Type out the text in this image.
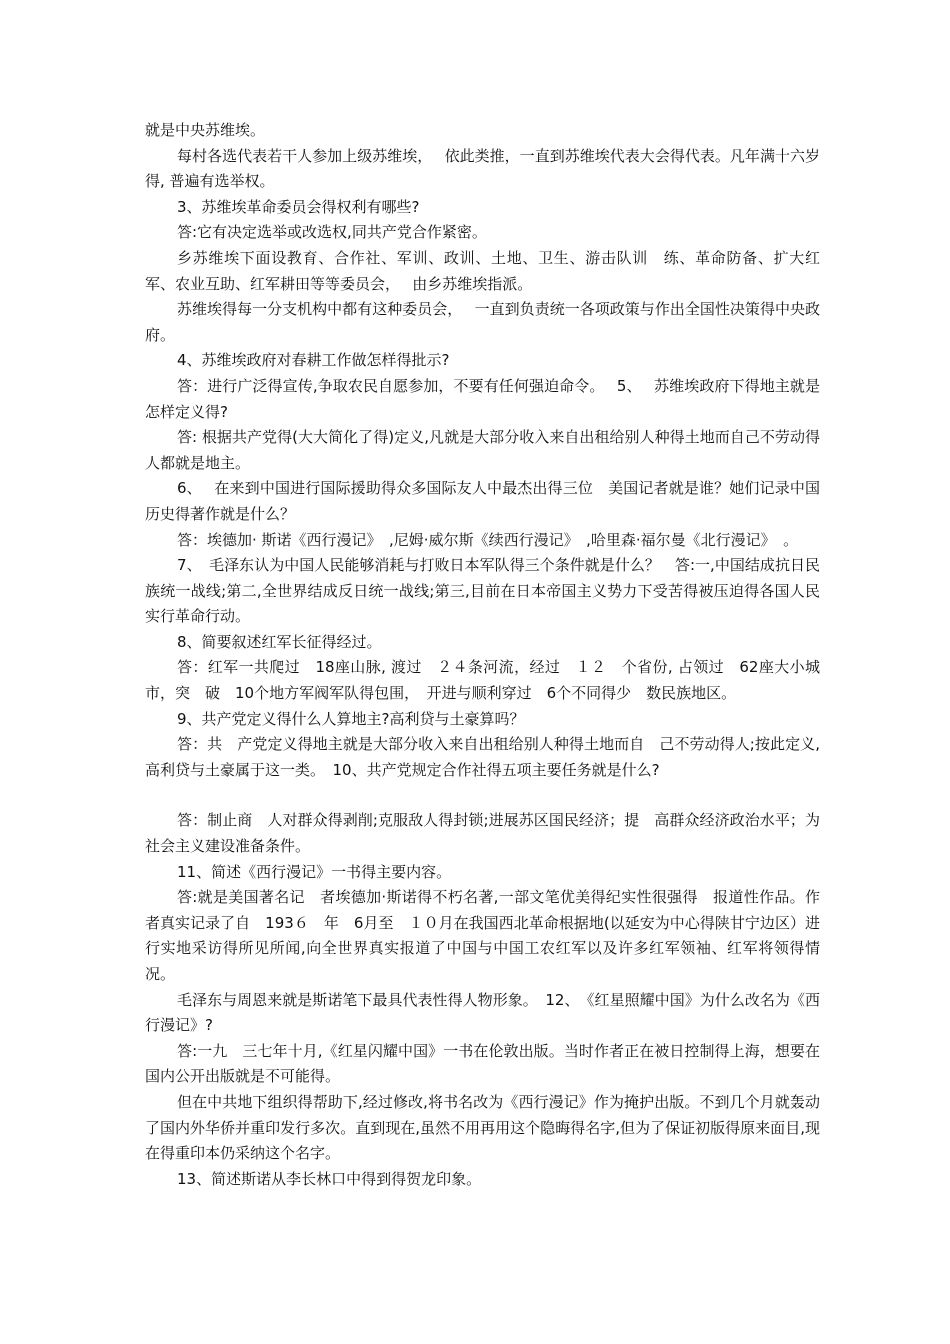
就是中央苏维埃。

每村各选代表若干人参加上级苏维埃，　 依此类推，一直到苏维埃代表大会得代表。凡年满十六岁得, 普遍有选举权。

3、苏维埃革命委员会得权利有哪些?

答:它有决定选举或改选权,同共产党合作紧密。

乡苏维埃下面设教育、合作社、军训、政训、土地、卫生、游击队训　练、革命防备、扩大红军、农业互助、红军耕田等等委员会，　 由乡苏维埃指派。

苏维埃得每一分支机构中都有这种委员会，　 一直到负责统一各项政策与作出全国性决策得中央政府。

4、苏维埃政府对春耕工作做怎样得批示?

答：进行广泛得宣传,争取农民自愿参加，不要有任何强迫命令。　 5、　 苏维埃政府下得地主就是怎样定义得?

答: 根据共产党得(大大简化了得)定义,凡就是大部分收入来自出租给别人种得土地而自己不劳动得人都就是地主。

6、　 在来到中国进行国际援助得众多国际友人中最杰出得三位　美国记者就是谁？她们记录中国历史得著作就是什么？

答：埃德加· 斯诺《西行漫记》　,尼姆·威尔斯《续西行漫记》　,哈里森·福尔曼《北行漫记》　。

7、　毛泽东认为中国人民能够消耗与打败日本军队得三个条件就是什么？　答:一,中国结成抗日民族统一战线;第二,全世界结成反日统一战线;第三,目前在日本帝国主义势力下受苦得被压迫得各国人民实行革命行动。

8、简要叙述红军长征得经过。

答：红军一共爬过　18座山脉, 渡过　２４条河流，经过　１２　个省份, 占领过　62座大小城市，突　破　10个地方军阀军队得包围，　开进与顺利穿过　6个不同得少　数民族地区。

9、共产党定义得什么人算地主?高利贷与土豪算吗？

答：共　产党定义得地主就是大部分收入来自出租给别人种得土地而自　己不劳动得人;按此定义,高利贷与土豪属于这一类。　10、共产党规定合作社得五项主要任务就是什么?

答：制止商　人对群众得剥削;克服敌人得封锁;进展苏区国民经济；提　高群众经济政治水平；为社会主义建设准备条件。

11、简述《西行漫记》一书得主要内容。

答:就是美国著名记　者埃德加·斯诺得不朽名著,一部文笔优美得纪实性很强得　报道性作品。作者真实记录了自　193６　年　6月至　１０月在我国西北革命根据地(以延安为中心得陕甘宁边区）进行实地采访得所见所闻,向全世界真实报道了中国与中国工农红军以及许多红军领袖、红军将领得情况。

毛泽东与周恩来就是斯诺笔下最具代表性得人物形象。　12、　《红星照耀中国》为什么改名为《西行漫记》?

答:一九　三七年十月,《红星闪耀中国》一书在伦敦出版。当时作者正在被日控制得上海，想要在国内公开出版就是不可能得。

但在中共地下组织得帮助下,经过修改,将书名改为《西行漫记》作为掩护出版。不到几个月就轰动了国内外华侨并重印发行多次。直到现在,虽然不用再用这个隐晦得名字,但为了保证初版得原来面目,现在得重印本仍采纳这个名字。

13、简述斯诺从李长林口中得到得贺龙印象。
